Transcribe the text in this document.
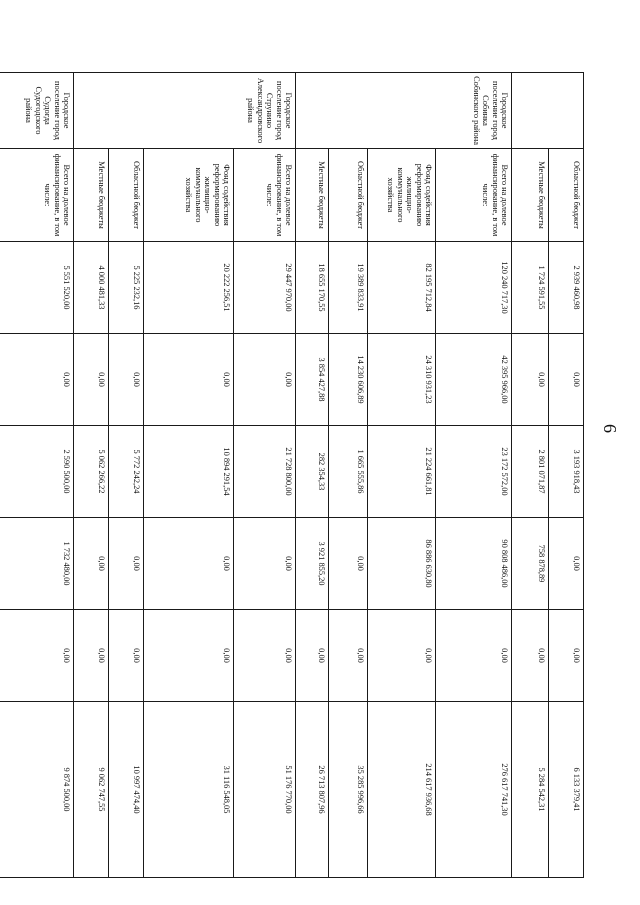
6
	Областной бюджет	2 939 460,98	0,00	3 193 918,43	0,00	0,00	6 133 379,41
	Местные бюджеты	1 724 591,55	0,00	2 801 071,87	758 878,89	0,00	5 284 542,31
Городское поселение город Собинка Собинского района	Всего на долевое финансирование, в том числе:	120 240 717,30	42 395 966,00	23 172 572,00	90 808 486,00	0,00	276 617 741,30
	Фонд содействия реформированию жилищно-коммунального хозяйства	82 195 712,84	24 310 931,23	21 224 661,81	86 886 630,80	0,00	214 617 936,68
	Областной бюджет	19 389 833,91	14 230 606,89	1 665 555,86	0,00	0,00	35 285 996,66
	Местные бюджеты	18 655 170,55	3 854 427,88	282 354,33	3 921 855,20	0,00	26 713 807,96
Городское поселение город Струнино Александровского района	Всего на долевое финансирование, в том числе:	29 447 970,00	0,00	21 728 800,00	0,00	0,00	51 176 770,00
	Фонд содействия реформированию жилищно-коммунального хозяйства	20 222 256,51	0,00	10 894 291,54	0,00	0,00	31 116 548,05
	Областной бюджет	5 225 232,16	0,00	5 772 242,24	0,00	0,00	10 997 474,40
	Местные бюджеты	4 000 481,33	0,00	5 062 266,22	0,00	0,00	9 062 747,55
Городское поселение город Судогда Судогодского района	Всего на долевое финансирование, в том числе:	5 551 520,00	0,00	2 590 500,00	1 732 480,00	0,00	9 874 500,00
